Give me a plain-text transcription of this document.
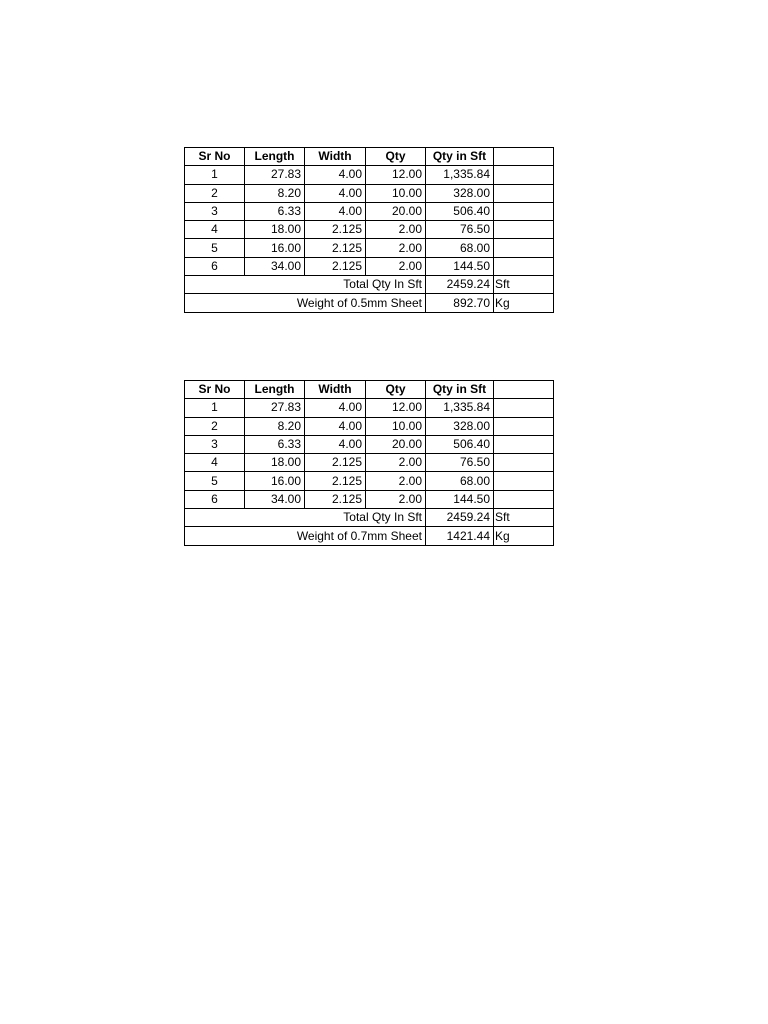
Sr No	Length	Width	Qty	Qty in Sft	
1	27.83	4.00	12.00	1,335.84	
2	8.20	4.00	10.00	328.00	
3	6.33	4.00	20.00	506.40	
4	18.00	2.125	2.00	76.50	
5	16.00	2.125	2.00	68.00	
6	34.00	2.125	2.00	144.50	
Total Qty In Sft				2459.24	Sft
Weight of 0.5mm Sheet				892.70	Kg
Sr No	Length	Width	Qty	Qty in Sft	
1	27.83	4.00	12.00	1,335.84	
2	8.20	4.00	10.00	328.00	
3	6.33	4.00	20.00	506.40	
4	18.00	2.125	2.00	76.50	
5	16.00	2.125	2.00	68.00	
6	34.00	2.125	2.00	144.50	
Total Qty In Sft				2459.24	Sft
Weight of 0.7mm Sheet				1421.44	Kg
